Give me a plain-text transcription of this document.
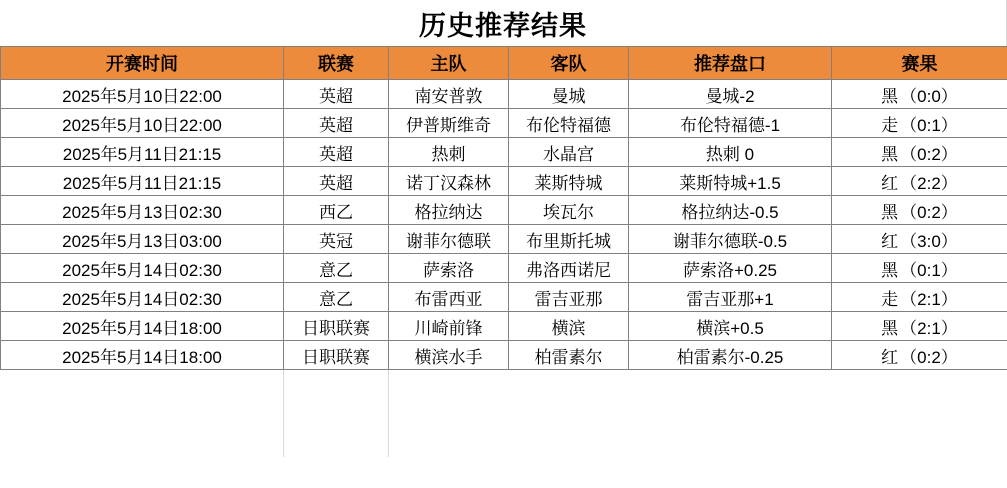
历史推荐结果
开赛时间	联赛	主队	客队	推荐盘口	赛果
2025年5月10日22:00	英超	南安普敦	曼城	曼城-2	黑 （0:0）
2025年5月10日22:00	英超	伊普斯维奇	布伦特福德	布伦特福德-1	走 （0:1）
2025年5月11日21:15	英超	热刺	水晶宫	热刺 0	黑 （0:2）
2025年5月11日21:15	英超	诺丁汉森林	莱斯特城	莱斯特城+1.5	红 （2:2）
2025年5月13日02:30	西乙	格拉纳达	埃瓦尔	格拉纳达-0.5	黑 （0:2）
2025年5月13日03:00	英冠	谢菲尔德联	布里斯托城	谢菲尔德联-0.5	红 （3:0）
2025年5月14日02:30	意乙	萨索洛	弗洛西诺尼	萨索洛+0.25	黑 （0:1）
2025年5月14日02:30	意乙	布雷西亚	雷吉亚那	雷吉亚那+1	走 （2:1）
2025年5月14日18:00	日职联赛	川崎前锋	横滨	横滨+0.5	黑 （2:1）
2025年5月14日18:00	日职联赛	横滨水手	柏雷素尔	柏雷素尔-0.25	红 （0:2）
